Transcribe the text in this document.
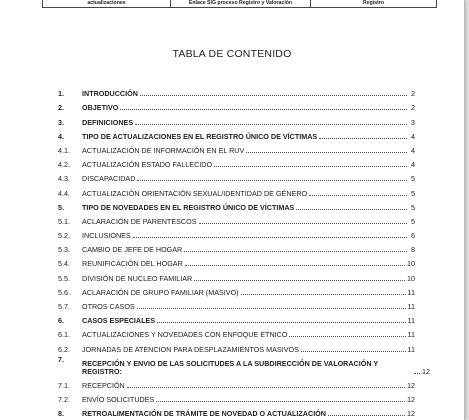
actualizaciones	Enlace SIG proceso Registro y Valoración	Registro
TABLA DE CONTENIDO
1.	INTRODUCCIÓN	2
2.	OBJETIVO	2
3.	DEFINICIONES	3
4.	TIPO DE ACTUALIZACIONES EN EL REGISTRO ÚNICO DE VÍCTIMAS	4
4.1.	ACTUALIZACIÓN DE INFORMACIÓN EN EL RUV	4
4.2.	ACTUALIZACIÓN ESTADO FALLECIDO	4
4.3.	DISCAPACIDAD	5
4.4.	ACTUALIZACIÓN ORIENTACIÓN SEXUAL/IDENTIDAD DE GÉNERO	5
5.	TIPO DE NOVEDADES EN EL REGISTRO ÚNICO DE VÍCTIMAS	5
5.1.	ACLARACIÓN DE PARENTESCOS	5
5.2.	INCLUSIONES	6
5.3.	CAMBIO DE JEFE DE HOGAR	8
5.4.	REUNIFICACIÓN DEL HOGAR	10
5.5.	DIVISIÓN DE NUCLEO FAMILIAR	10
5.6.	ACLARACIÓN DE GRUPO FAMILIAR (MASIVO)	11
5.7.	OTROS CASOS	11
6.	CASOS ESPECIALES	11
6.1.	ACTUALIZACIONES Y NOVEDADES CON ENFOQUE ETNICO	11
6.2.	JORNADAS DE ATENCION PARA DESPLAZAMIENTOS MASIVOS	11
7.	RECEPCIÓN Y ENVIO DE LAS SOLICITUDES A LA SUBDIRECCIÓN DE VALORACIÓN Y REGISTRO:	12
7.1.	RECEPCIÓN	12
7.2.	ENVÍO SOLICITUDES	12
8.	RETROALIMENTACIÓN DE TRÁMITE DE NOVEDAD O ACTUALIZACIÓN	12
